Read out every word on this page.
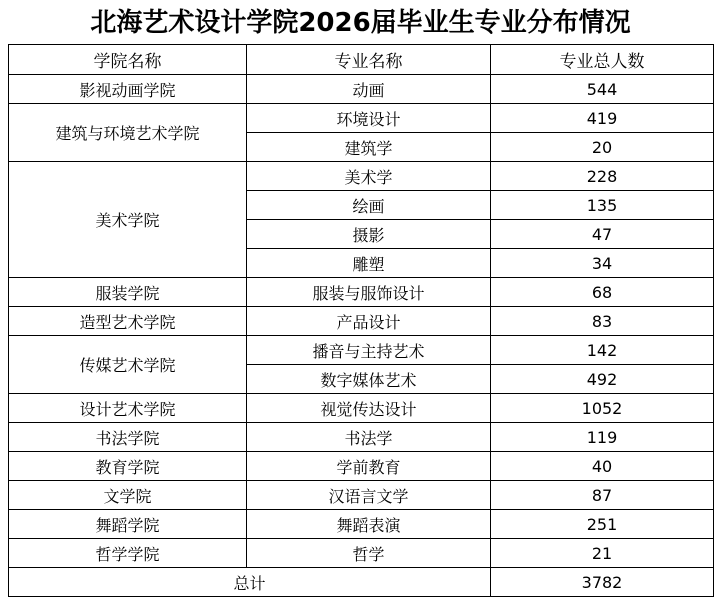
北海艺术设计学院2026届毕业生专业分布情况
学院名称	专业名称	专业总人数
影视动画学院	动画	544
建筑与环境艺术学院	环境设计	419
	建筑学	20
美术学院	美术学	228
	绘画	135
	摄影	47
	雕塑	34
服装学院	服装与服饰设计	68
造型艺术学院	产品设计	83
传媒艺术学院	播音与主持艺术	142
	数字媒体艺术	492
设计艺术学院	视觉传达设计	1052
书法学院	书法学	119
教育学院	学前教育	40
文学院	汉语言文学	87
舞蹈学院	舞蹈表演	251
哲学学院	哲学	21
总计		3782
